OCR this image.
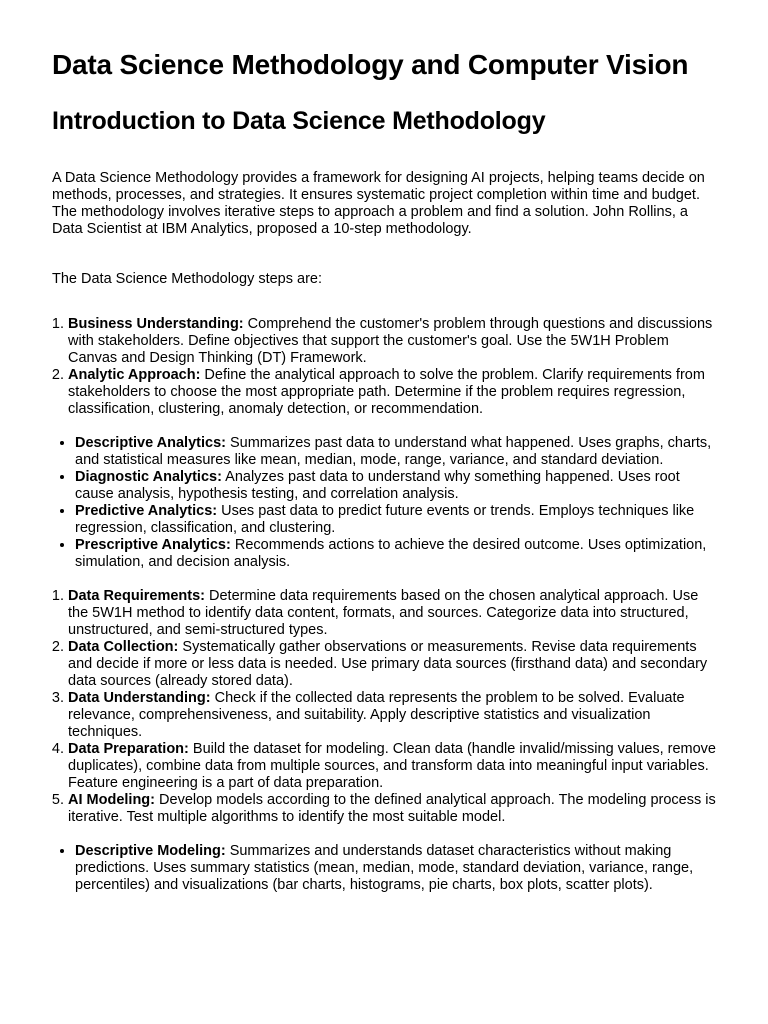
Data Science Methodology and Computer Vision
Introduction to Data Science Methodology

A Data Science Methodology provides a framework for designing AI projects, helping teams decide on methods, processes, and strategies. It ensures systematic project completion within time and budget. The methodology involves iterative steps to approach a problem and find a solution. John Rollins, a Data Scientist at IBM Analytics, proposed a 10-step methodology.

The Data Science Methodology steps are:

1. Business Understanding: Comprehend the customer's problem through questions and discussions with stakeholders. Define objectives that support the customer's goal. Use the 5W1H Problem Canvas and Design Thinking (DT) Framework.
2. Analytic Approach: Define the analytical approach to solve the problem. Clarify requirements from stakeholders to choose the most appropriate path. Determine if the problem requires regression, classification, clustering, anomaly detection, or recommendation.
• Descriptive Analytics: Summarizes past data to understand what happened. Uses graphs, charts, and statistical measures like mean, median, mode, range, variance, and standard deviation.
• Diagnostic Analytics: Analyzes past data to understand why something happened. Uses root cause analysis, hypothesis testing, and correlation analysis.
• Predictive Analytics: Uses past data to predict future events or trends. Employs techniques like regression, classification, and clustering.
• Prescriptive Analytics: Recommends actions to achieve the desired outcome. Uses optimization, simulation, and decision analysis.
1. Data Requirements: Determine data requirements based on the chosen analytical approach. Use the 5W1H method to identify data content, formats, and sources. Categorize data into structured, unstructured, and semi-structured types.
2. Data Collection: Systematically gather observations or measurements. Revise data requirements and decide if more or less data is needed. Use primary data sources (firsthand data) and secondary data sources (already stored data).
3. Data Understanding: Check if the collected data represents the problem to be solved. Evaluate relevance, comprehensiveness, and suitability. Apply descriptive statistics and visualization techniques.
4. Data Preparation: Build the dataset for modeling. Clean data (handle invalid/missing values, remove duplicates), combine data from multiple sources, and transform data into meaningful input variables. Feature engineering is a part of data preparation.
5. AI Modeling: Develop models according to the defined analytical approach. The modeling process is iterative. Test multiple algorithms to identify the most suitable model.
• Descriptive Modeling: Summarizes and understands dataset characteristics without making predictions. Uses summary statistics (mean, median, mode, standard deviation, variance, range, percentiles) and visualizations (bar charts, histograms, pie charts, box plots, scatter plots).
